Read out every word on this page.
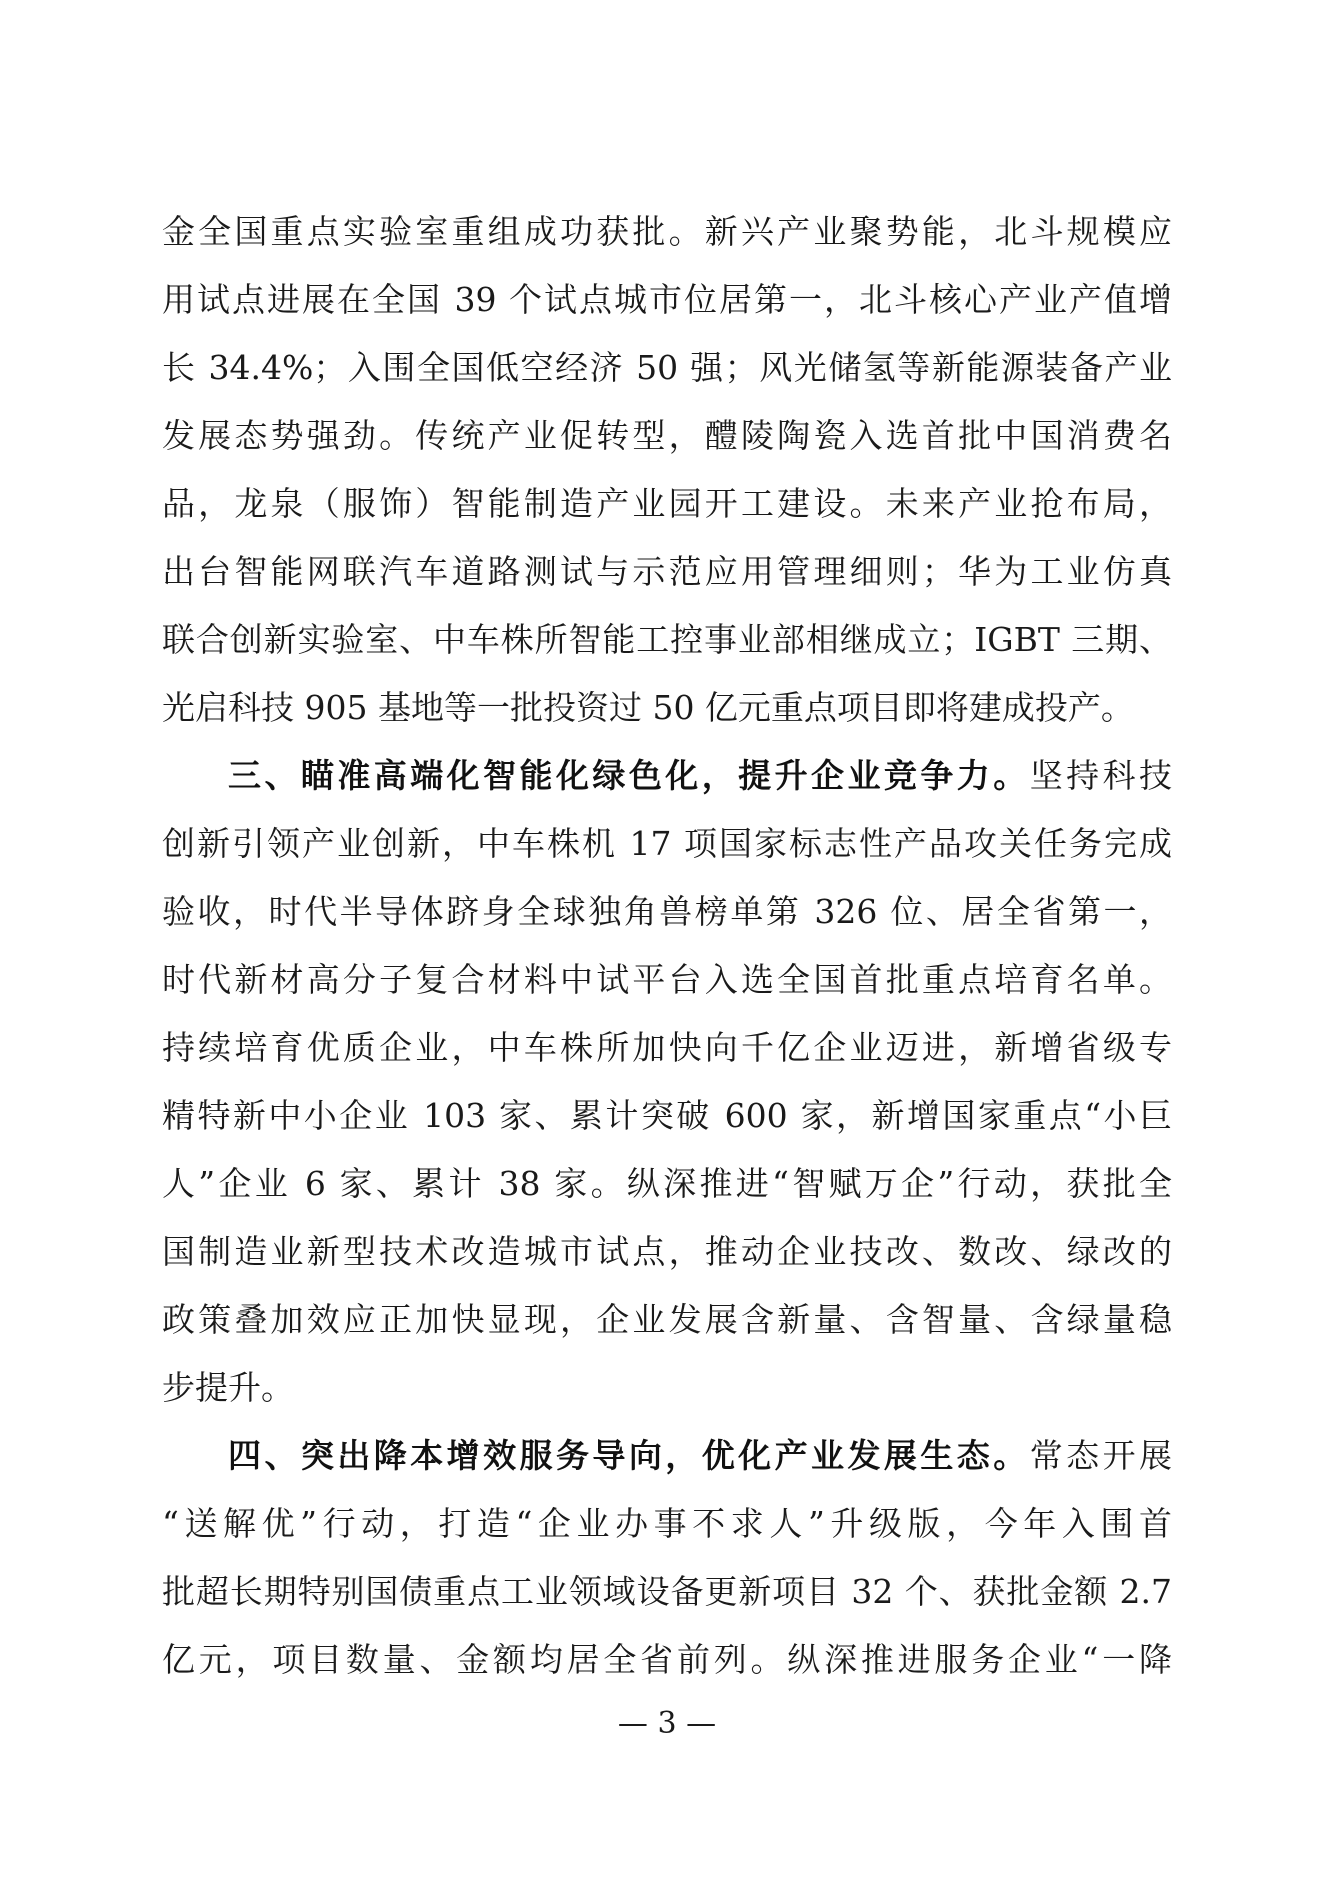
金全国重点实验室重组成功获批。新兴产业聚势能，北斗规模应
用试点进展在全国 39 个试点城市位居第一，北斗核心产业产值增
长 34.4%；入围全国低空经济 50 强；风光储氢等新能源装备产业
发展态势强劲。传统产业促转型，醴陵陶瓷入选首批中国消费名
品，龙泉（服饰）智能制造产业园开工建设。未来产业抢布局，
出台智能网联汽车道路测试与示范应用管理细则；华为工业仿真
联合创新实验室、中车株所智能工控事业部相继成立；IGBT 三期、
光启科技 905 基地等一批投资过 50 亿元重点项目即将建成投产。
三、瞄准高端化智能化绿色化，提升企业竞争力。坚持科技
创新引领产业创新，中车株机 17 项国家标志性产品攻关任务完成
验收，时代半导体跻身全球独角兽榜单第 326 位、居全省第一，
时代新材高分子复合材料中试平台入选全国首批重点培育名单。
持续培育优质企业，中车株所加快向千亿企业迈进，新增省级专
精特新中小企业 103 家、累计突破 600 家，新增国家重点“小巨
人”企业 6 家、累计 38 家。纵深推进“智赋万企”行动，获批全
国制造业新型技术改造城市试点，推动企业技改、数改、绿改的
政策叠加效应正加快显现，企业发展含新量、含智量、含绿量稳
步提升。
四、突出降本增效服务导向，优化产业发展生态。常态开展
“送解优”行动，打造“企业办事不求人”升级版，今年入围首
批超长期特别国债重点工业领域设备更新项目 32 个、获批金额 2.7
亿元，项目数量、金额均居全省前列。纵深推进服务企业“一降
— 3 —
